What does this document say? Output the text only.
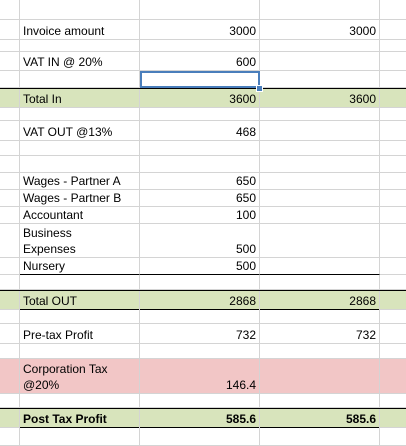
Invoice amount	3000	3000
VAT IN @ 20%	600
Total In	3600	3600
VAT OUT @13%	468
Wages - Partner A	650
Wages - Partner B	650
Accountant	100
Business
Expenses	500
Nursery	500
Total OUT	2868	2868
Pre-tax Profit	732	732
Corporation Tax
@20%	146.4
Post Tax Profit	585.6	585.6
